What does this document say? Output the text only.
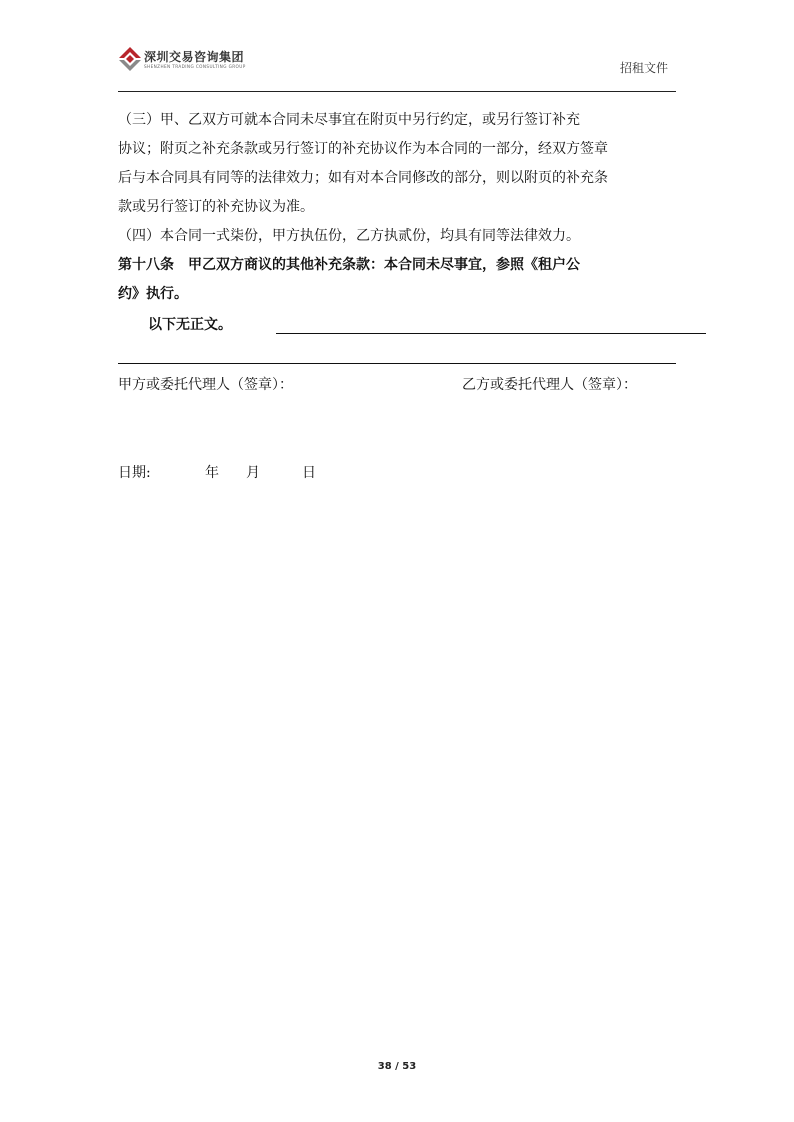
深圳交易咨询集团
SHENZHEN TRADING CONSULTING GROUP	招租文件
（三）甲、乙双方可就本合同未尽事宜在附页中另行约定，或另行签订补充
协议；附页之补充条款或另行签订的补充协议作为本合同的一部分，经双方签章
后与本合同具有同等的法律效力；如有对本合同修改的部分，则以附页的补充条
款或另行签订的补充协议为准。
（四）本合同一式柒份，甲方执伍份，乙方执贰份，均具有同等法律效力。
第十八条　甲乙双方商议的其他补充条款：本合同未尽事宜，参照《租户公
约》执行。
以下无正文。
甲方或委托代理人（签章）：	乙方或委托代理人（签章）：
日期:	年 月	日
38 / 53
